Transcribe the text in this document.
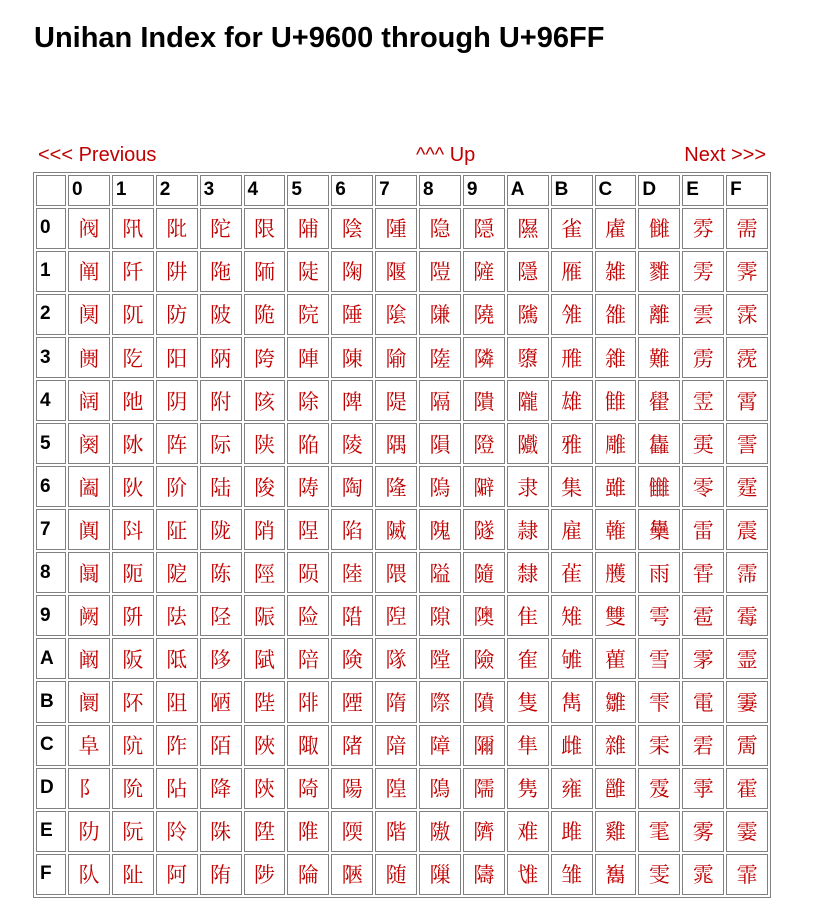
Unihan Index for U+9600 through U+96FF
<<< Previous	^^^ Up	Next >>>
	0	1	2	3	4	5	6	7	8	9	A	B	C	D	E	F
0	阀	阠	阰	陀	限	陠	陰	隀	隐	隠	隰	雀	雐	雠	雰	需
1	阐	阡	阱	陁	陑	陡	陱	隁	隑	隡	隱	雁	雑	雡	雱	霁
2	阒	阢	防	陂	陒	院	陲	隂	隒	隢	隲	雂	雒	離	雲	霂
3	阓	阣	阳	陃	陓	陣	陳	隃	隓	隣	隳	雃	雓	難	雳	霃
4	阔	阤	阴	附	陔	除	陴	隄	隔	隤	隴	雄	雔	雤	雴	霄
5	阕	阥	阵	际	陕	陥	陵	隅	隕	隥	隵	雅	雕	雥	雵	霅
6	阖	阦	阶	陆	陖	陦	陶	隆	隖	隦	隶	集	雖	雦	零	霆
7	阗	阧	阷	陇	陗	陧	陷	隇	隗	隧	隷	雇	雗	雧	雷	震
8	阘	阨	阸	陈	陘	陨	陸	隈	隘	隨	隸	雈	雘	雨	雸	霈
9	阙	阩	阹	陉	陙	险	陹	隉	隙	隩	隹	雉	雙	雩	雹	霉
A	阚	阪	阺	陊	陚	陪	険	隊	隚	險	隺	雊	雚	雪	雺	霊
B	阛	阫	阻	陋	陛	陫	陻	隋	際	隫	隻	雋	雛	雫	電	霋
C	阜	阬	阼	陌	陜	陬	陼	隌	障	隬	隼	雌	雜	雬	雼	霌
D	阝	阭	阽	降	陝	陭	陽	隍	隝	隭	隽	雍	雝	雭	雽	霍
E	阞	阮	阾	陎	陞	陮	陾	階	隞	隮	难	雎	雞	雮	雾	霎
F	队	阯	阿	陏	陟	陯	陿	随	隟	隯	隿	雏	雟	雯	雿	霏
